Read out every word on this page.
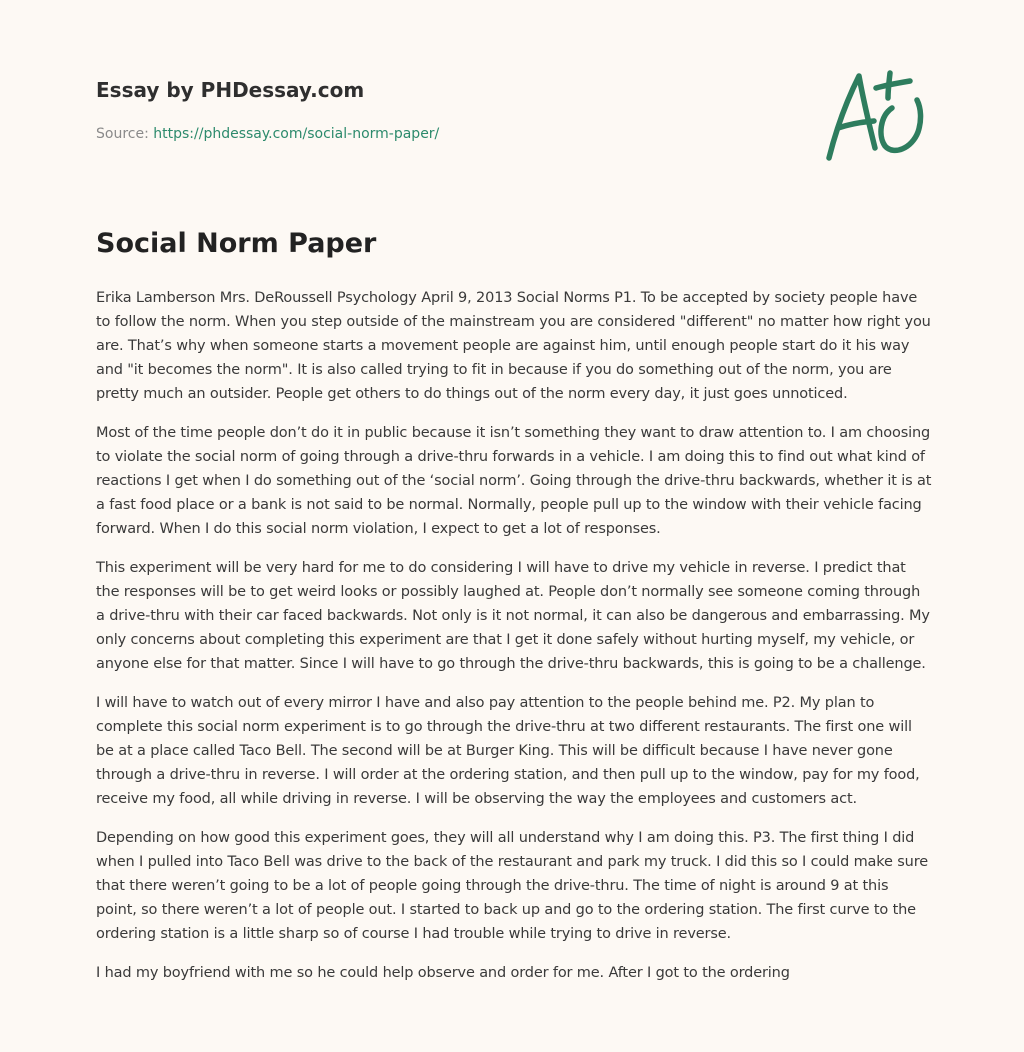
Essay by PHDessay.com
Source: https://phdessay.com/social-norm-paper/
Social Norm Paper

Erika Lamberson Mrs. DeRoussell Psychology April 9, 2013 Social Norms P1. To be accepted by society people have to follow the norm. When you step outside of the mainstream you are considered "different" no matter how right you are. That’s why when someone starts a movement people are against him, until enough people start do it his way and "it becomes the norm". It is also called trying to fit in because if you do something out of the norm, you are pretty much an outsider. People get others to do things out of the norm every day, it just goes unnoticed.

Most of the time people don’t do it in public because it isn’t something they want to draw attention to. I am choosing to violate the social norm of going through a drive-thru forwards in a vehicle. I am doing this to find out what kind of reactions I get when I do something out of the ‘social norm’. Going through the drive-thru backwards, whether it is at a fast food place or a bank is not said to be normal. Normally, people pull up to the window with their vehicle facing forward. When I do this social norm violation, I expect to get a lot of responses.

This experiment will be very hard for me to do considering I will have to drive my vehicle in reverse. I predict that the responses will be to get weird looks or possibly laughed at. People don’t normally see someone coming through a drive-thru with their car faced backwards. Not only is it not normal, it can also be dangerous and embarrassing. My only concerns about completing this experiment are that I get it done safely without hurting myself, my vehicle, or anyone else for that matter. Since I will have to go through the drive-thru backwards, this is going to be a challenge.

I will have to watch out of every mirror I have and also pay attention to the people behind me. P2. My plan to complete this social norm experiment is to go through the drive-thru at two different restaurants. The first one will be at a place called Taco Bell. The second will be at Burger King. This will be difficult because I have never gone through a drive-thru in reverse. I will order at the ordering station, and then pull up to the window, pay for my food, receive my food, all while driving in reverse. I will be observing the way the employees and customers act.

Depending on how good this experiment goes, they will all understand why I am doing this. P3. The first thing I did when I pulled into Taco Bell was drive to the back of the restaurant and park my truck. I did this so I could make sure that there weren’t going to be a lot of people going through the drive-thru. The time of night is around 9 at this point, so there weren’t a lot of people out. I started to back up and go to the ordering station. The first curve to the ordering station is a little sharp so of course I had trouble while trying to drive in reverse.

I had my boyfriend with me so he could help observe and order for me. After I got to the ordering
